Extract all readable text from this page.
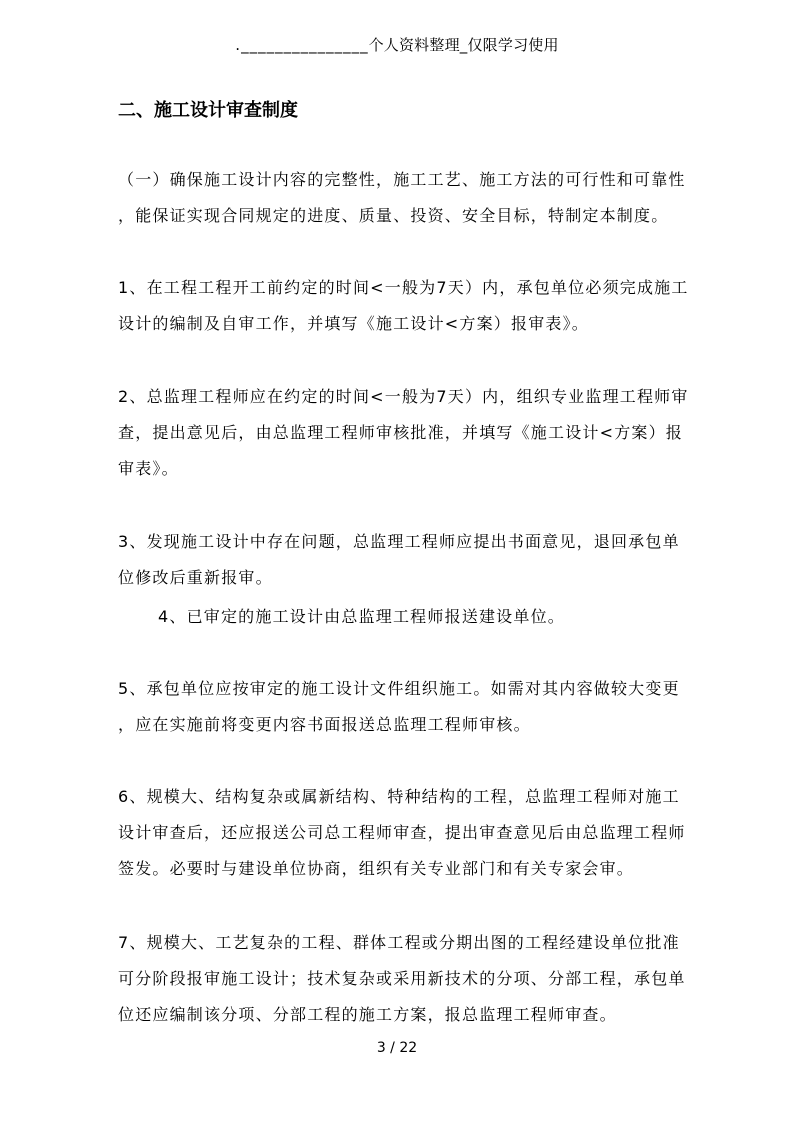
._______________个人资料整理_仅限学习使用
二、施工设计审查制度
（一）确保施工设计内容的完整性，施工工艺、施工方法的可行性和可靠性
，能保证实现合同规定的进度、质量、投资、安全目标，特制定本制度。
1、在工程工程开工前约定的时间<一般为7天）内，承包单位必须完成施工
设计的编制及自审工作，并填写《施工设计<方案）报审表》。
2、总监理工程师应在约定的时间<一般为7天）内，组织专业监理工程师审
查，提出意见后，由总监理工程师审核批准，并填写《施工设计<方案）报
审表》。
3、发现施工设计中存在问题，总监理工程师应提出书面意见，退回承包单
位修改后重新报审。
4、已审定的施工设计由总监理工程师报送建设单位。
5、承包单位应按审定的施工设计文件组织施工。如需对其内容做较大变更
，应在实施前将变更内容书面报送总监理工程师审核。
6、规模大、结构复杂或属新结构、特种结构的工程，总监理工程师对施工
设计审查后，还应报送公司总工程师审查，提出审查意见后由总监理工程师
签发。必要时与建设单位协商，组织有关专业部门和有关专家会审。
7、规模大、工艺复杂的工程、群体工程或分期出图的工程经建设单位批准
可分阶段报审施工设计；技术复杂或采用新技术的分项、分部工程，承包单
位还应编制该分项、分部工程的施工方案，报总监理工程师审查。
3 / 22
